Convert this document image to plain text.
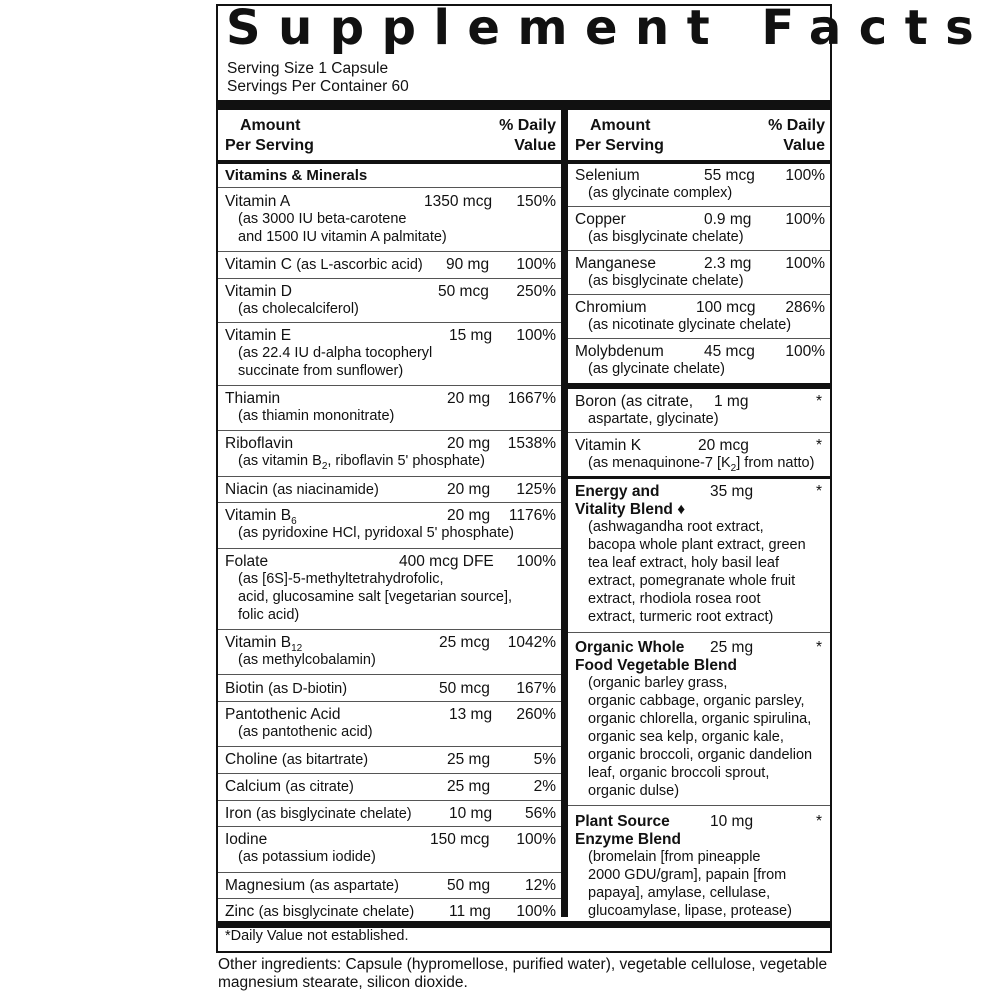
Supplement Facts
Serving Size 1 Capsule
Servings Per Container 60
Amount
Per Serving
% Daily
Value
Vitamins & Minerals
Vitamin A	1350 mcg 150%
(as 3000 IU beta-carotene
and 1500 IU vitamin A palmitate)
Vitamin C (as L-ascorbic acid) 90 mg 100%
Vitamin D	50 mcg 250%
(as cholecalciferol)
Vitamin E	15 mg 100%
(as 22.4 IU d-alpha tocopheryl
succinate from sunflower)
Thiamin	20 mg 1667%
(as thiamin mononitrate)
Riboflavin	20 mg 1538%
(as vitamin $B_2$, riboflavin 5' phosphate)
Niacin (as niacinamide)	20 mg 125%
Vitamin $B_6$	20 mg 1176%
(as pyridoxine HCl, pyridoxal 5' phosphate)
Folate	400 mcg DFE 100%
(as [6S]-5-methyltetrahydrofolic,
acid, glucosamine salt [vegetarian source],
folic acid)
Vitamin $B_{12}$	25 mcg 1042%
(as methylcobalamin)
Biotin (as D-biotin)	50 mcg 167%
Pantothenic Acid	13 mg 260%
(as pantothenic acid)
Choline (as bitartrate)	25 mg	5%
Calcium (as citrate)	25 mg	2%
Iron (as bisglycinate chelate) 10 mg 56%
Iodine	150 mcg 100%
(as potassium iodide)
Magnesium (as aspartate)	50 mg 12%
Zinc (as bisglycinate chelate) 11 mg 100%
Amount
Per Serving
% Daily
Value
Selenium	55 mcg 100%
(as glycinate complex)
Copper	0.9 mg 100%
(as bisglycinate chelate)
Manganese	2.3 mg 100%
(as bisglycinate chelate)
Chromium	100 mcg 286%
(as nicotinate glycinate chelate)
Molybdenum	45 mcg 100%
(as glycinate chelate)
Boron (as citrate, 1 mg	*
aspartate, glycinate)
Vitamin K	20 mcg	*
(as menaquinone-7 $[K_2]$ from natto)
Energy and	35 mg	*
Vitality Blend ♦
(ashwagandha root extract,
bacopa whole plant extract, green
tea leaf extract, holy basil leaf
extract, pomegranate whole fruit
extract, rhodiola rosea root
extract, turmeric root extract)
Organic Whole 25 mg	*
Food Vegetable Blend
(organic barley grass,
organic cabbage, organic parsley,
organic chlorella, organic spirulina,
organic sea kelp, organic kale,
organic broccoli, organic dandelion
leaf, organic broccoli sprout,
organic dulse)
Plant Source	10 mg	*
Enzyme Blend
(bromelain [from pineapple
2000 GDU/gram], papain [from
papaya], amylase, cellulase,
glucoamylase, lipase, protease)
*Daily Value not established.
Other ingredients: Capsule (hypromellose, purified water), vegetable cellulose, vegetable magnesium stearate, silicon dioxide.
